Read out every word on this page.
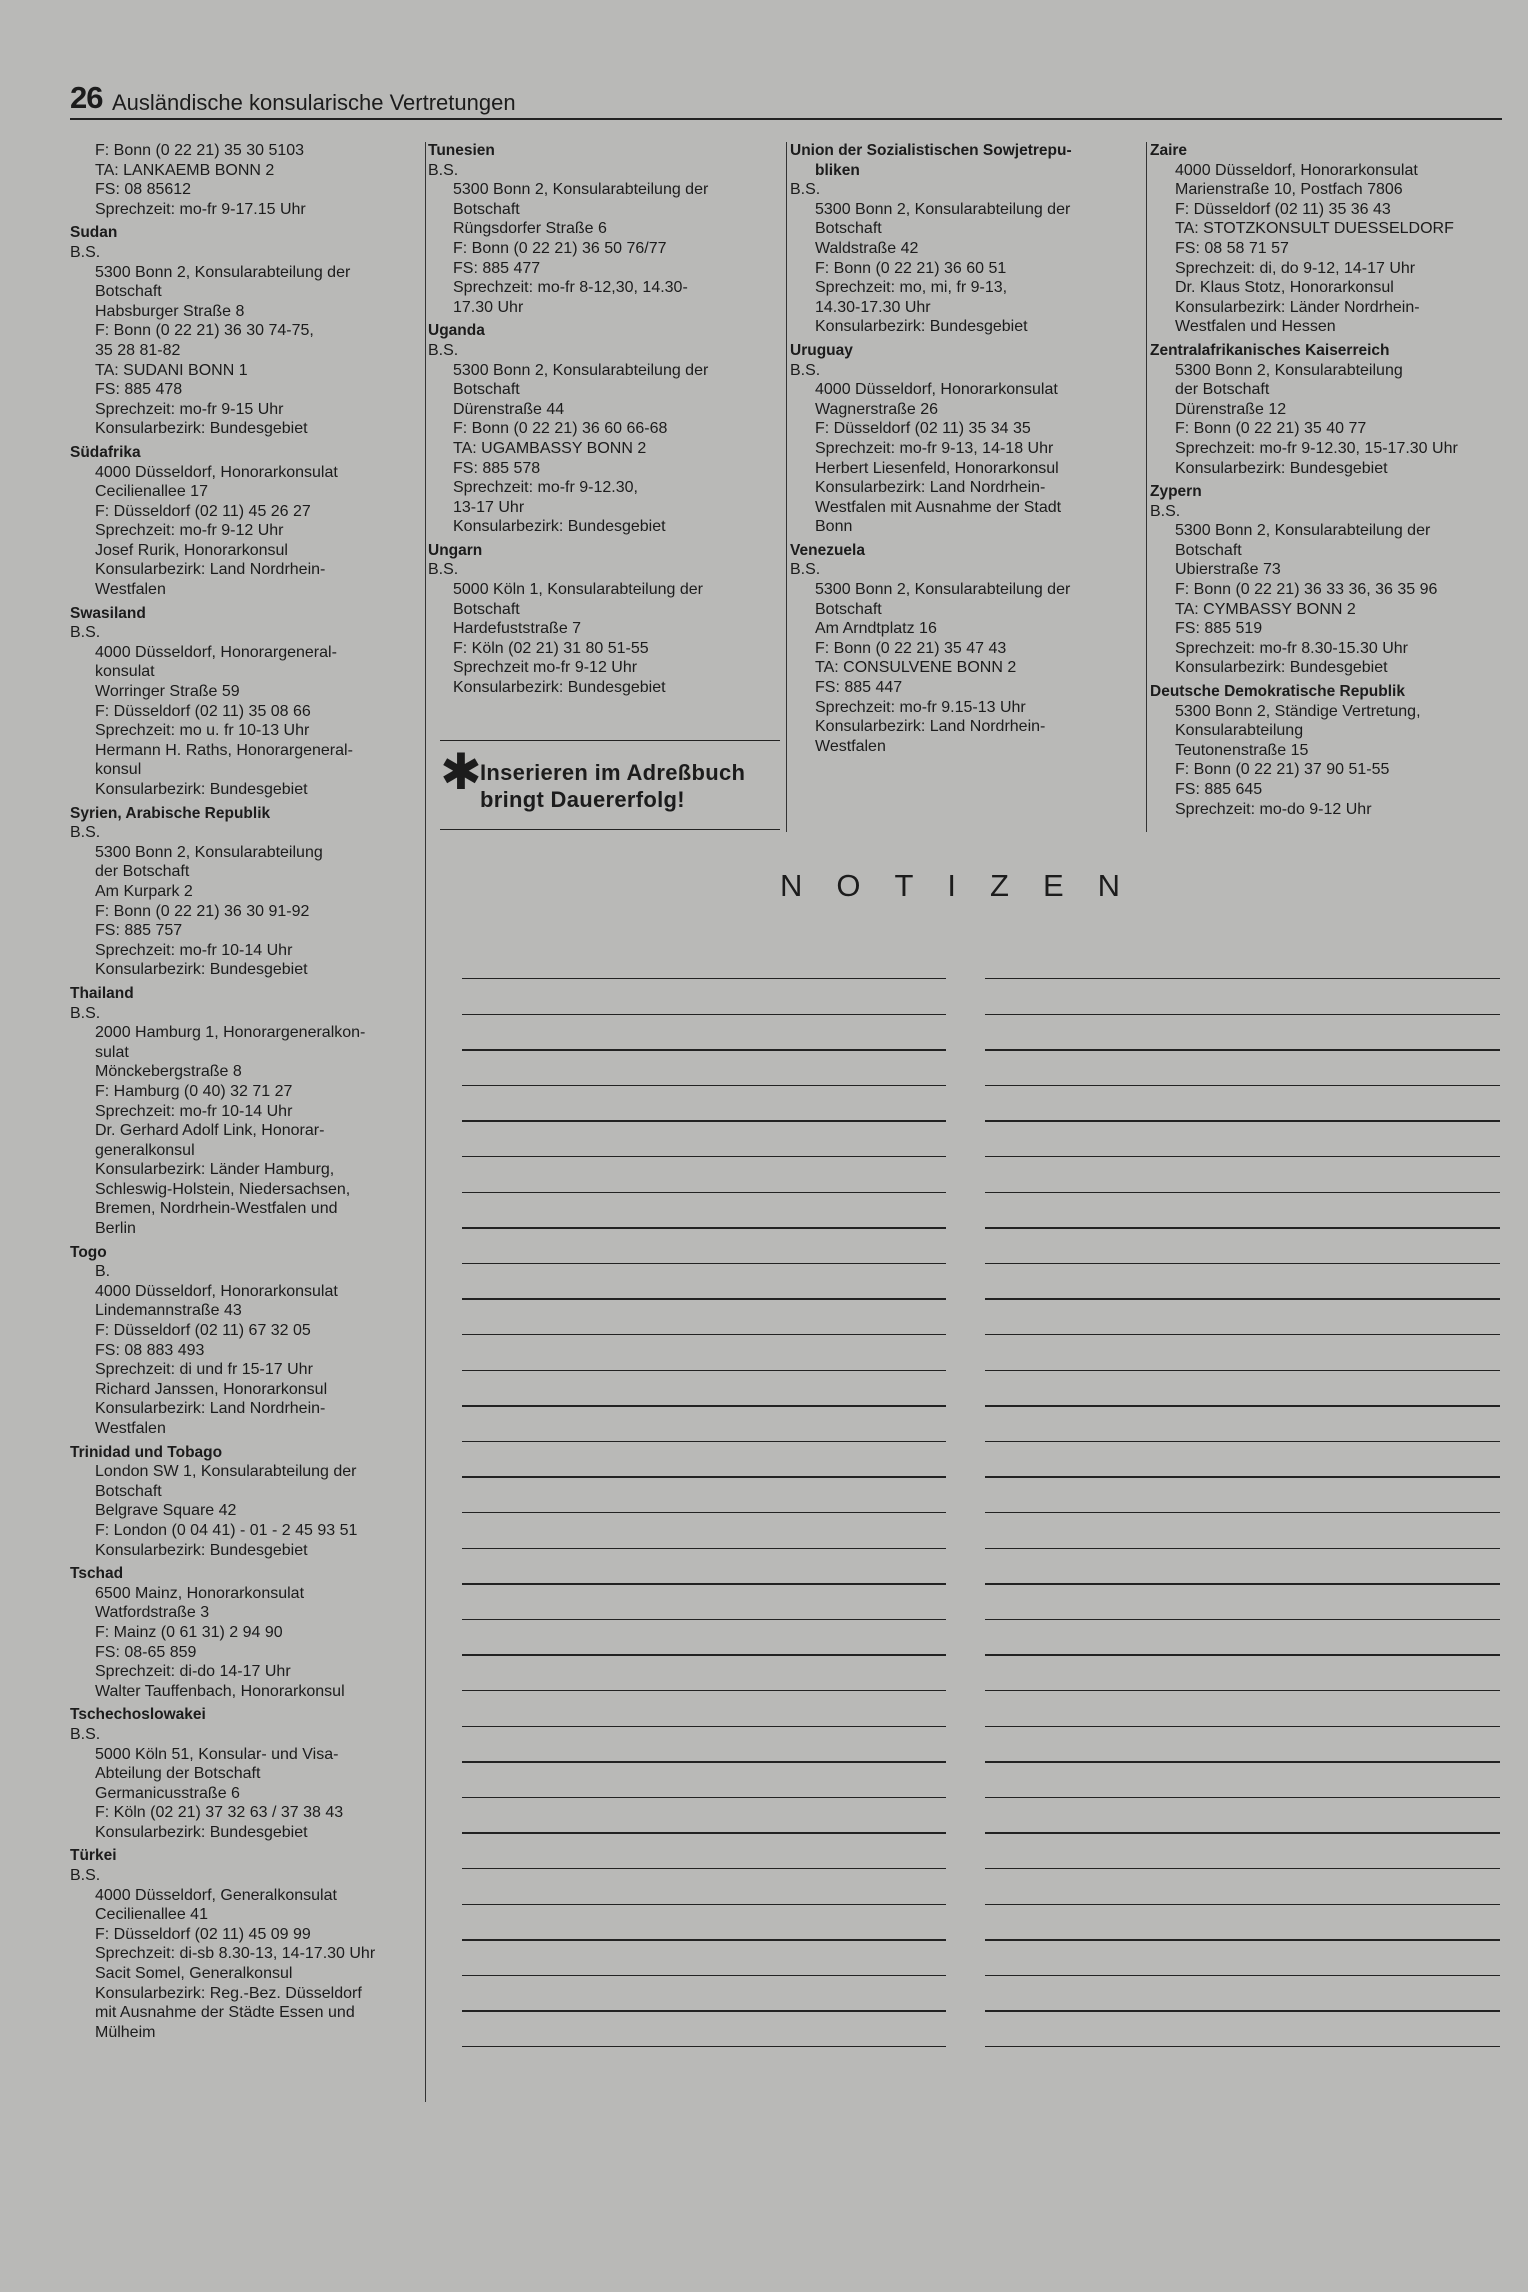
26 Ausländische konsularische Vertretungen
F: Bonn (0 22 21) 35 30 5103
TA: LANKAEMB BONN 2
FS: 08 85612
Sprechzeit: mo-fr 9-17.15 Uhr
Sudan
B.S.
5300 Bonn 2, Konsularabteilung der
Botschaft
Habsburger Straße 8
F: Bonn (0 22 21) 36 30 74-75,
35 28 81-82
TA: SUDANI BONN 1
FS: 885 478
Sprechzeit: mo-fr 9-15 Uhr
Konsularbezirk: Bundesgebiet
Südafrika
4000 Düsseldorf, Honorarkonsulat
Cecilienallee 17
F: Düsseldorf (02 11) 45 26 27
Sprechzeit: mo-fr 9-12 Uhr
Josef Rurik, Honorarkonsul
Konsularbezirk: Land Nordrhein-
Westfalen
Swasiland
B.S.
4000 Düsseldorf, Honorargeneral-
konsulat
Worringer Straße 59
F: Düsseldorf (02 11) 35 08 66
Sprechzeit: mo u. fr 10-13 Uhr
Hermann H. Raths, Honorargeneral-
konsul
Konsularbezirk: Bundesgebiet
Syrien, Arabische Republik
B.S.
5300 Bonn 2, Konsularabteilung
der Botschaft
Am Kurpark 2
F: Bonn (0 22 21) 36 30 91-92
FS: 885 757
Sprechzeit: mo-fr 10-14 Uhr
Konsularbezirk: Bundesgebiet
Thailand
B.S.
2000 Hamburg 1, Honorargeneralkon-
sulat
Mönckebergstraße 8
F: Hamburg (0 40) 32 71 27
Sprechzeit: mo-fr 10-14 Uhr
Dr. Gerhard Adolf Link, Honorar-
generalkonsul
Konsularbezirk: Länder Hamburg,
Schleswig-Holstein, Niedersachsen,
Bremen, Nordrhein-Westfalen und
Berlin
Togo
B.
4000 Düsseldorf, Honorarkonsulat
Lindemannstraße 43
F: Düsseldorf (02 11) 67 32 05
FS: 08 883 493
Sprechzeit: di und fr 15-17 Uhr
Richard Janssen, Honorarkonsul
Konsularbezirk: Land Nordrhein-
Westfalen
Trinidad und Tobago
London SW 1, Konsularabteilung der
Botschaft
Belgrave Square 42
F: London (0 04 41) - 01 - 2 45 93 51
Konsularbezirk: Bundesgebiet
Tschad
6500 Mainz, Honorarkonsulat
Watfordstraße 3
F: Mainz (0 61 31) 2 94 90
FS: 08-65 859
Sprechzeit: di-do 14-17 Uhr
Walter Tauffenbach, Honorarkonsul
Tschechoslowakei
B.S.
5000 Köln 51, Konsular- und Visa-
Abteilung der Botschaft
Germanicusstraße 6
F: Köln (02 21) 37 32 63 / 37 38 43
Konsularbezirk: Bundesgebiet
Türkei
B.S.
4000 Düsseldorf, Generalkonsulat
Cecilienallee 41
F: Düsseldorf (02 11) 45 09 99
Sprechzeit: di-sb 8.30-13, 14-17.30 Uhr
Sacit Somel, Generalkonsul
Konsularbezirk: Reg.-Bez. Düsseldorf
mit Ausnahme der Städte Essen und
Mülheim
Tunesien
B.S.
5300 Bonn 2, Konsularabteilung der
Botschaft
Rüngsdorfer Straße 6
F: Bonn (0 22 21) 36 50 76/77
FS: 885 477
Sprechzeit: mo-fr 8-12,30, 14.30-
17.30 Uhr
Uganda
B.S.
5300 Bonn 2, Konsularabteilung der
Botschaft
Dürenstraße 44
F: Bonn (0 22 21) 36 60 66-68
TA: UGAMBASSY BONN 2
FS: 885 578
Sprechzeit: mo-fr 9-12.30,
13-17 Uhr
Konsularbezirk: Bundesgebiet
Ungarn
B.S.
5000 Köln 1, Konsularabteilung der
Botschaft
Hardefuststraße 7
F: Köln (02 21) 31 80 51-55
Sprechzeit mo-fr 9-12 Uhr
Konsularbezirk: Bundesgebiet
Union der Sozialistischen Sowjetrepu-
bliken
B.S.
5300 Bonn 2, Konsularabteilung der
Botschaft
Waldstraße 42
F: Bonn (0 22 21) 36 60 51
Sprechzeit: mo, mi, fr 9-13,
14.30-17.30 Uhr
Konsularbezirk: Bundesgebiet
Uruguay
B.S.
4000 Düsseldorf, Honorarkonsulat
Wagnerstraße 26
F: Düsseldorf (02 11) 35 34 35
Sprechzeit: mo-fr 9-13, 14-18 Uhr
Herbert Liesenfeld, Honorarkonsul
Konsularbezirk: Land Nordrhein-
Westfalen mit Ausnahme der Stadt
Bonn
Venezuela
B.S.
5300 Bonn 2, Konsularabteilung der
Botschaft
Am Arndtplatz 16
F: Bonn (0 22 21) 35 47 43
TA: CONSULVENE BONN 2
FS: 885 447
Sprechzeit: mo-fr 9.15-13 Uhr
Konsularbezirk: Land Nordrhein-
Westfalen
Zaire
4000 Düsseldorf, Honorarkonsulat
Marienstraße 10, Postfach 7806
F: Düsseldorf (02 11) 35 36 43
TA: STOTZKONSULT DUESSELDORF
FS: 08 58 71 57
Sprechzeit: di, do 9-12, 14-17 Uhr
Dr. Klaus Stotz, Honorarkonsul
Konsularbezirk: Länder Nordrhein-
Westfalen und Hessen
Zentralafrikanisches Kaiserreich
5300 Bonn 2, Konsularabteilung
der Botschaft
Dürenstraße 12
F: Bonn (0 22 21) 35 40 77
Sprechzeit: mo-fr 9-12.30, 15-17.30 Uhr
Konsularbezirk: Bundesgebiet
Zypern
B.S.
5300 Bonn 2, Konsularabteilung der
Botschaft
Ubierstraße 73
F: Bonn (0 22 21) 36 33 36, 36 35 96
TA: CYMBASSY BONN 2
FS: 885 519
Sprechzeit: mo-fr 8.30-15.30 Uhr
Konsularbezirk: Bundesgebiet
Deutsche Demokratische Republik
5300 Bonn 2, Ständige Vertretung,
Konsularabteilung
Teutonenstraße 15
F: Bonn (0 22 21) 37 90 51-55
FS: 885 645
Sprechzeit: mo-do 9-12 Uhr
✱
Inserieren im Adreßbuch
bringt Dauererfolg!
NOTIZEN
